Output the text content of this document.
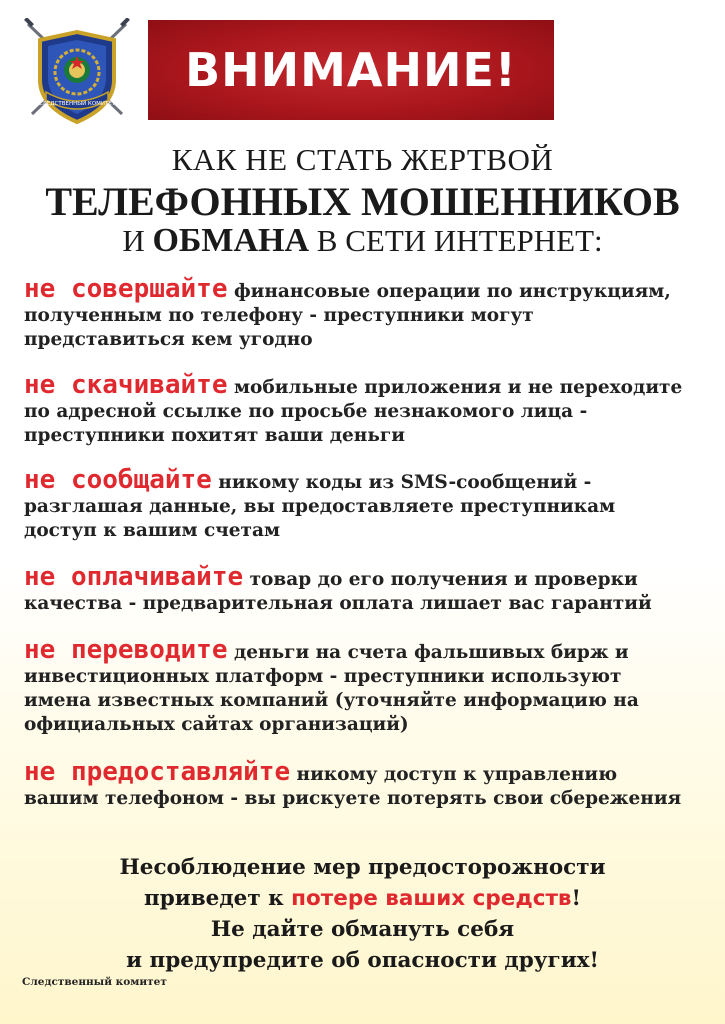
СЛЕДСТВЕННЫЙ КОМИТЕТ
ВНИМАНИЕ!
КАК НЕ СТАТЬ ЖЕРТВОЙ
ТЕЛЕФОННЫХ МОШЕННИКОВ
И ОБМАНА В СЕТИ ИНТЕРНЕТ:
не совершайте финансовые операции по инструкциям, полученным по телефону - преступники могут представиться кем угодно
не скачивайте мобильные приложения и не переходите по адресной ссылке по просьбе незнакомого лица - преступники похитят ваши деньги
не сообщайте никому коды из SMS-сообщений - разглашая данные, вы предоставляете преступникам доступ к вашим счетам
не оплачивайте товар до его получения и проверки качества - предварительная оплата лишает вас гарантий
не переводите деньги на счета фальшивых бирж и инвестиционных платформ - преступники используют имена известных компаний (уточняйте информацию на официальных сайтах организаций)
не предоставляйте никому доступ к управлению вашим телефоном - вы рискуете потерять свои сбережения
Несоблюдение мер предосторожности
приведет к потере ваших средств!
Не дайте обмануть себя
и предупредите об опасности других!
Следственный комитет
